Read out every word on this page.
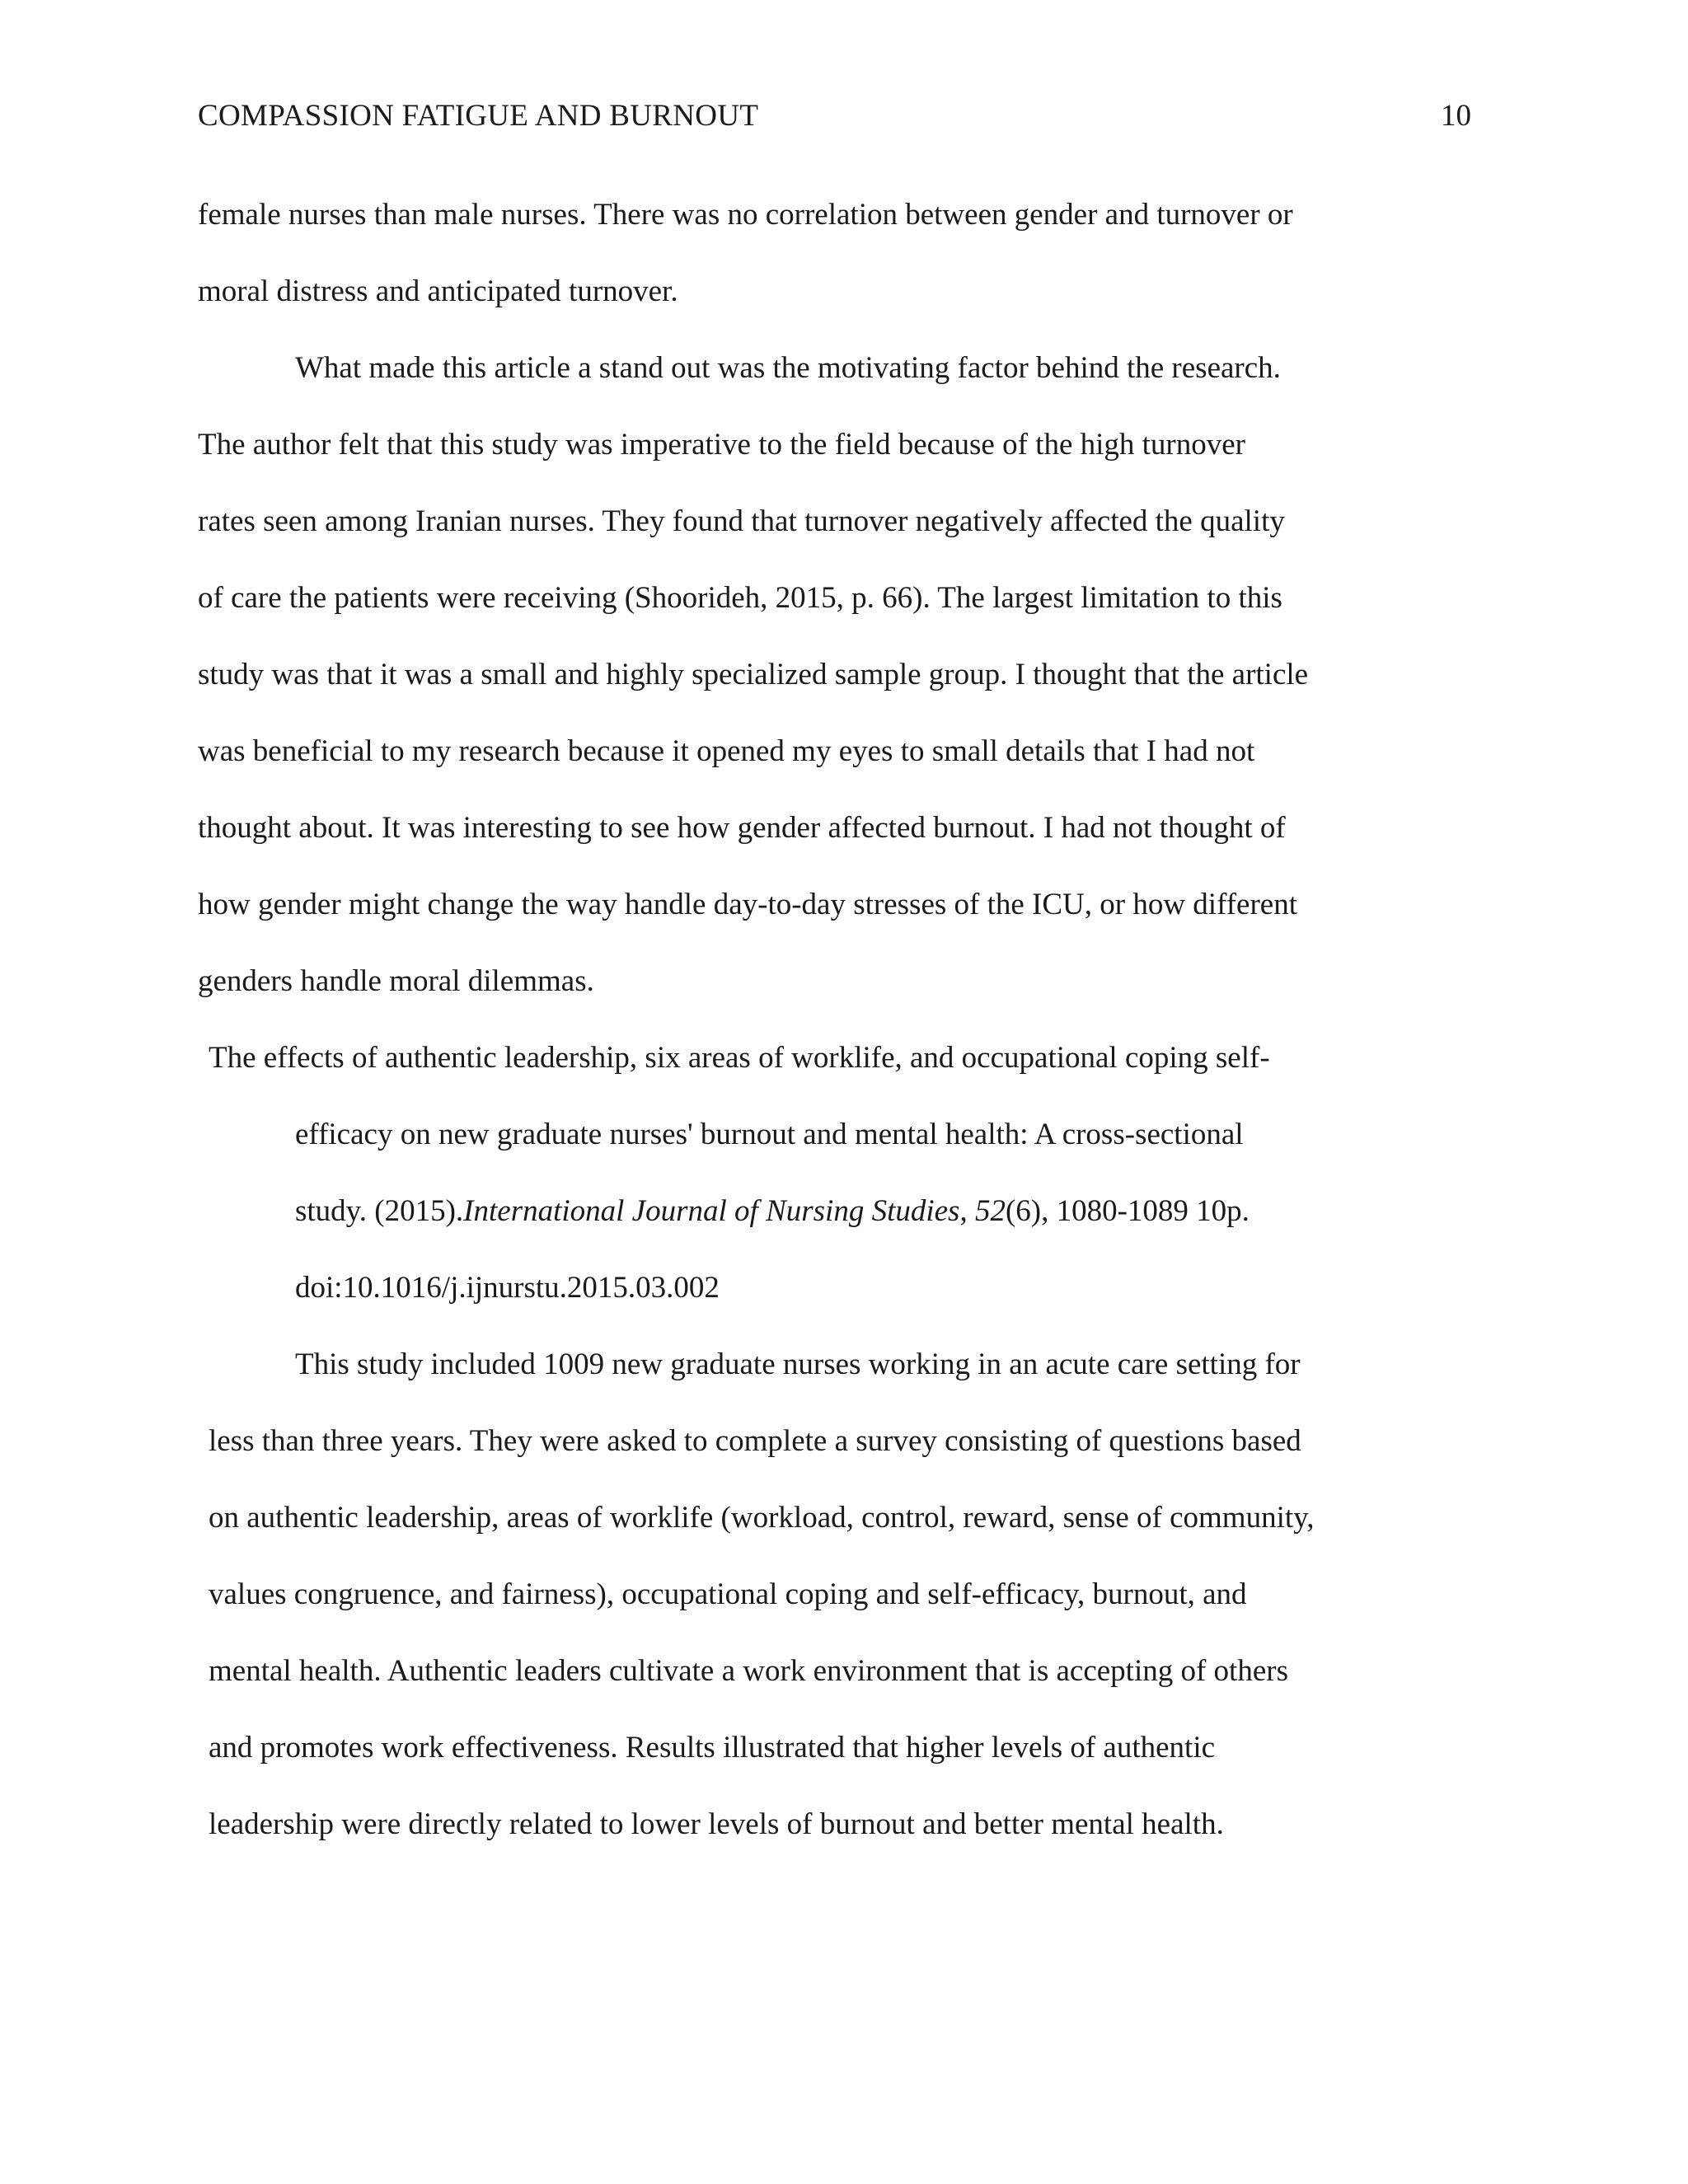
COMPASSION FATIGUE AND BURNOUT	10
female nurses than male nurses. There was no correlation between gender and turnover or
moral distress and anticipated turnover.
What made this article a stand out was the motivating factor behind the research.
The author felt that this study was imperative to the field because of the high turnover
rates seen among Iranian nurses. They found that turnover negatively affected the quality
of care the patients were receiving (Shoorideh, 2015, p. 66). The largest limitation to this
study was that it was a small and highly specialized sample group. I thought that the article
was beneficial to my research because it opened my eyes to small details that I had not
thought about. It was interesting to see how gender affected burnout. I had not thought of
how gender might change the way handle day-to-day stresses of the ICU, or how different
genders handle moral dilemmas.
The effects of authentic leadership, six areas of worklife, and occupational coping self-
efficacy on new graduate nurses' burnout and mental health: A cross-sectional
study. (2015).International Journal of Nursing Studies, 52(6), 1080-1089 10p.
doi:10.1016/j.ijnurstu.2015.03.002
This study included 1009 new graduate nurses working in an acute care setting for
less than three years. They were asked to complete a survey consisting of questions based
on authentic leadership, areas of worklife (workload, control, reward, sense of community,
values congruence, and fairness), occupational coping and self-efficacy, burnout, and
mental health. Authentic leaders cultivate a work environment that is accepting of others
and promotes work effectiveness. Results illustrated that higher levels of authentic
leadership were directly related to lower levels of burnout and better mental health.
